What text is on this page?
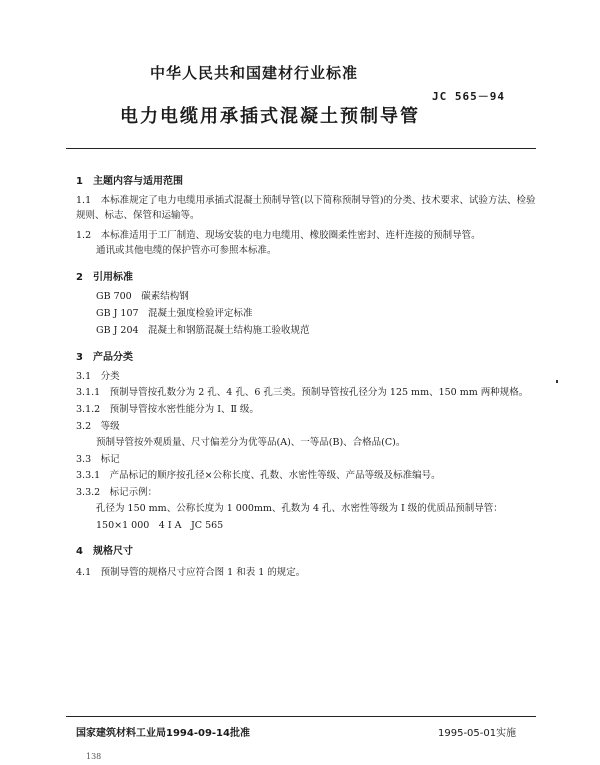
中华人民共和国建材行业标准
JC 565－94
电力电缆用承插式混凝土预制导管
1　主题内容与适用范围
1.1　本标准规定了电力电缆用承插式混凝土预制导管(以下简称预制导管)的分类、技术要求、试验方法、检验规则、标志、保管和运输等。
1.2　本标准适用于工厂制造、现场安装的电力电缆用、橡胶圈柔性密封、连杆连接的预制导管。
通讯或其他电缆的保护管亦可参照本标准。
2　引用标准
GB 700　碳素结构钢
GB J 107　混凝土强度检验评定标准
GB J 204　混凝土和钢筋混凝土结构施工验收规范
3　产品分类
3.1　分类
3.1.1　预制导管按孔数分为 2 孔、4 孔、6 孔三类。预制导管按孔径分为 125 mm、150 mm 两种规格。
3.1.2　预制导管按水密性能分为 Ⅰ、Ⅱ 级。
3.2　等级
预制导管按外观质量、尺寸偏差分为优等品(A)、一等品(B)、合格品(C)。
3.3　标记
3.3.1　产品标记的顺序按孔径×公称长度、孔数、水密性等级、产品等级及标准编号。
3.3.2　标记示例：
孔径为 150 mm、公称长度为 1 000mm、孔数为 4 孔、水密性等级为 Ⅰ 级的优质品预制导管：
150×1 000　4 Ⅰ A　JC 565
4　规格尺寸
4.1　预制导管的规格尺寸应符合图 1 和表 1 的规定。
国家建筑材料工业局1994-09-14批准	1995-05-01实施
138
